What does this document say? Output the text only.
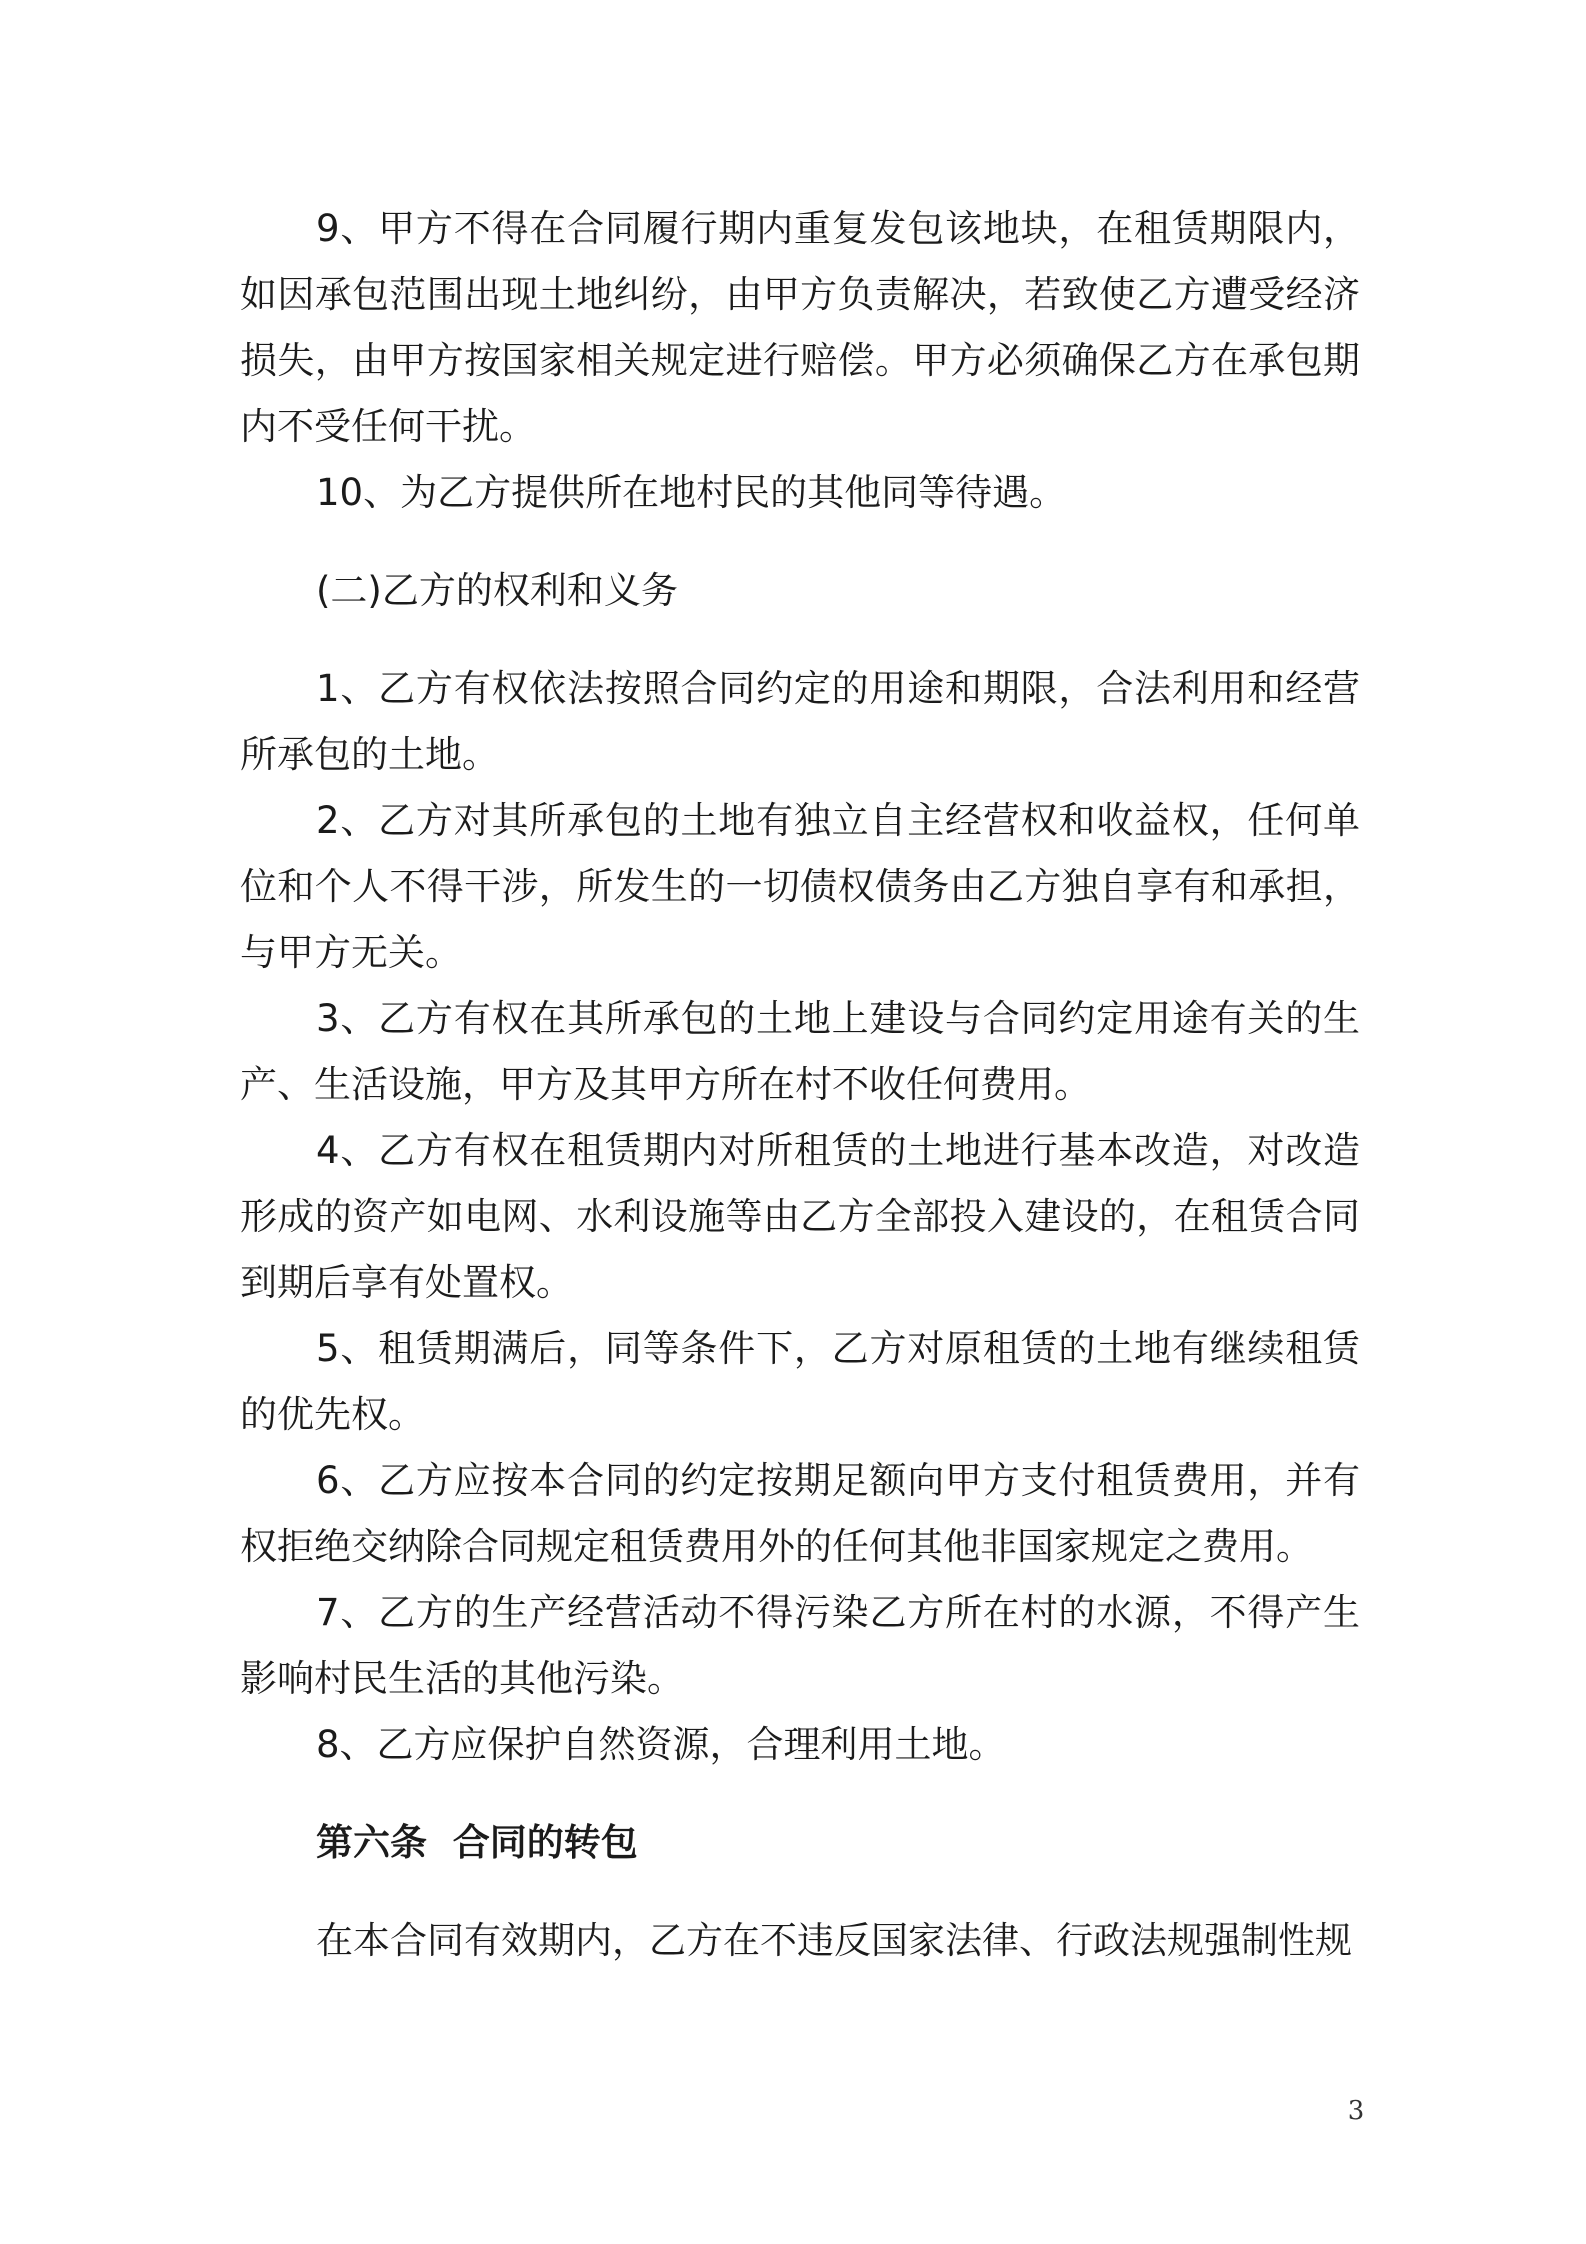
9、甲方不得在合同履行期内重复发包该地块，在租赁期限内，如因承包范围出现土地纠纷，由甲方负责解决，若致使乙方遭受经济损失，由甲方按国家相关规定进行赔偿。甲方必须确保乙方在承包期内不受任何干扰。

10、为乙方提供所在地村民的其他同等待遇。

(二)乙方的权利和义务

1、乙方有权依法按照合同约定的用途和期限，合法利用和经营所承包的土地。

2、乙方对其所承包的土地有独立自主经营权和收益权，任何单位和个人不得干涉，所发生的一切债权债务由乙方独自享有和承担，与甲方无关。

3、乙方有权在其所承包的土地上建设与合同约定用途有关的生产、生活设施，甲方及其甲方所在村不收任何费用。

4、乙方有权在租赁期内对所租赁的土地进行基本改造，对改造形成的资产如电网、水利设施等由乙方全部投入建设的，在租赁合同到期后享有处置权。

5、租赁期满后，同等条件下，乙方对原租赁的土地有继续租赁的优先权。

6、乙方应按本合同的约定按期足额向甲方支付租赁费用，并有权拒绝交纳除合同规定租赁费用外的任何其他非国家规定之费用。

7、乙方的生产经营活动不得污染乙方所在村的水源，不得产生影响村民生活的其他污染。

8、乙方应保护自然资源，合理利用土地。

第六条  合同的转包

在本合同有效期内，乙方在不违反国家法律、行政法规强制性规

3
